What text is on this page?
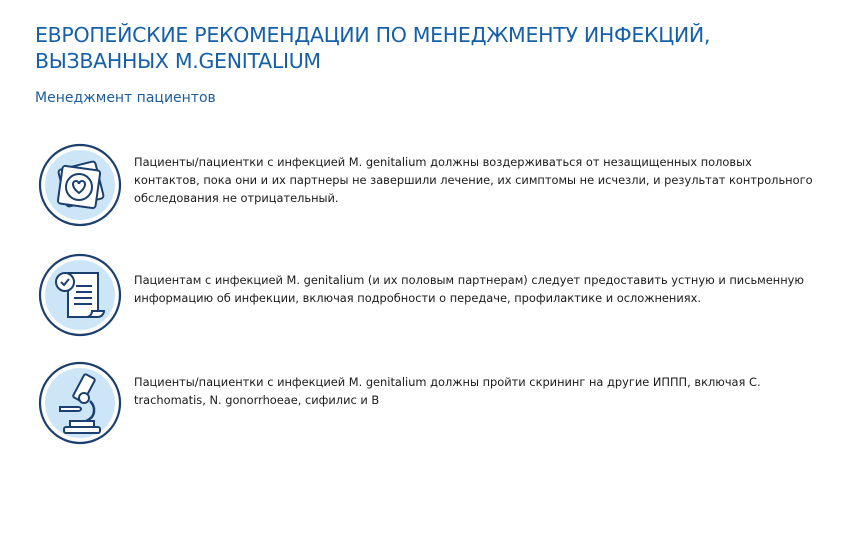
ЕВРОПЕЙСКИЕ РЕКОМЕНДАЦИИ ПО МЕНЕДЖМЕНТУ ИНФЕКЦИЙ, ВЫЗВАННЫХ M.GENITALIUM
Менеджмент пациентов

Пациенты/пациентки с инфекцией M. genitalium должны воздерживаться от незащищенных половых контактов, пока они и их партнеры не завершили лечение, их симптомы не исчезли, и результат контрольного обследования не отрицательный.

Пациентам с инфекцией M. genitalium (и их половым партнерам) следует предоставить устную и письменную информацию об инфекции, включая подробности о передаче, профилактике и осложнениях.

Пациенты/пациентки с инфекцией M. genitalium должны пройти скрининг на другие ИППП, включая C. trachomatis, N. gonorrhoeae, сифилис и В
